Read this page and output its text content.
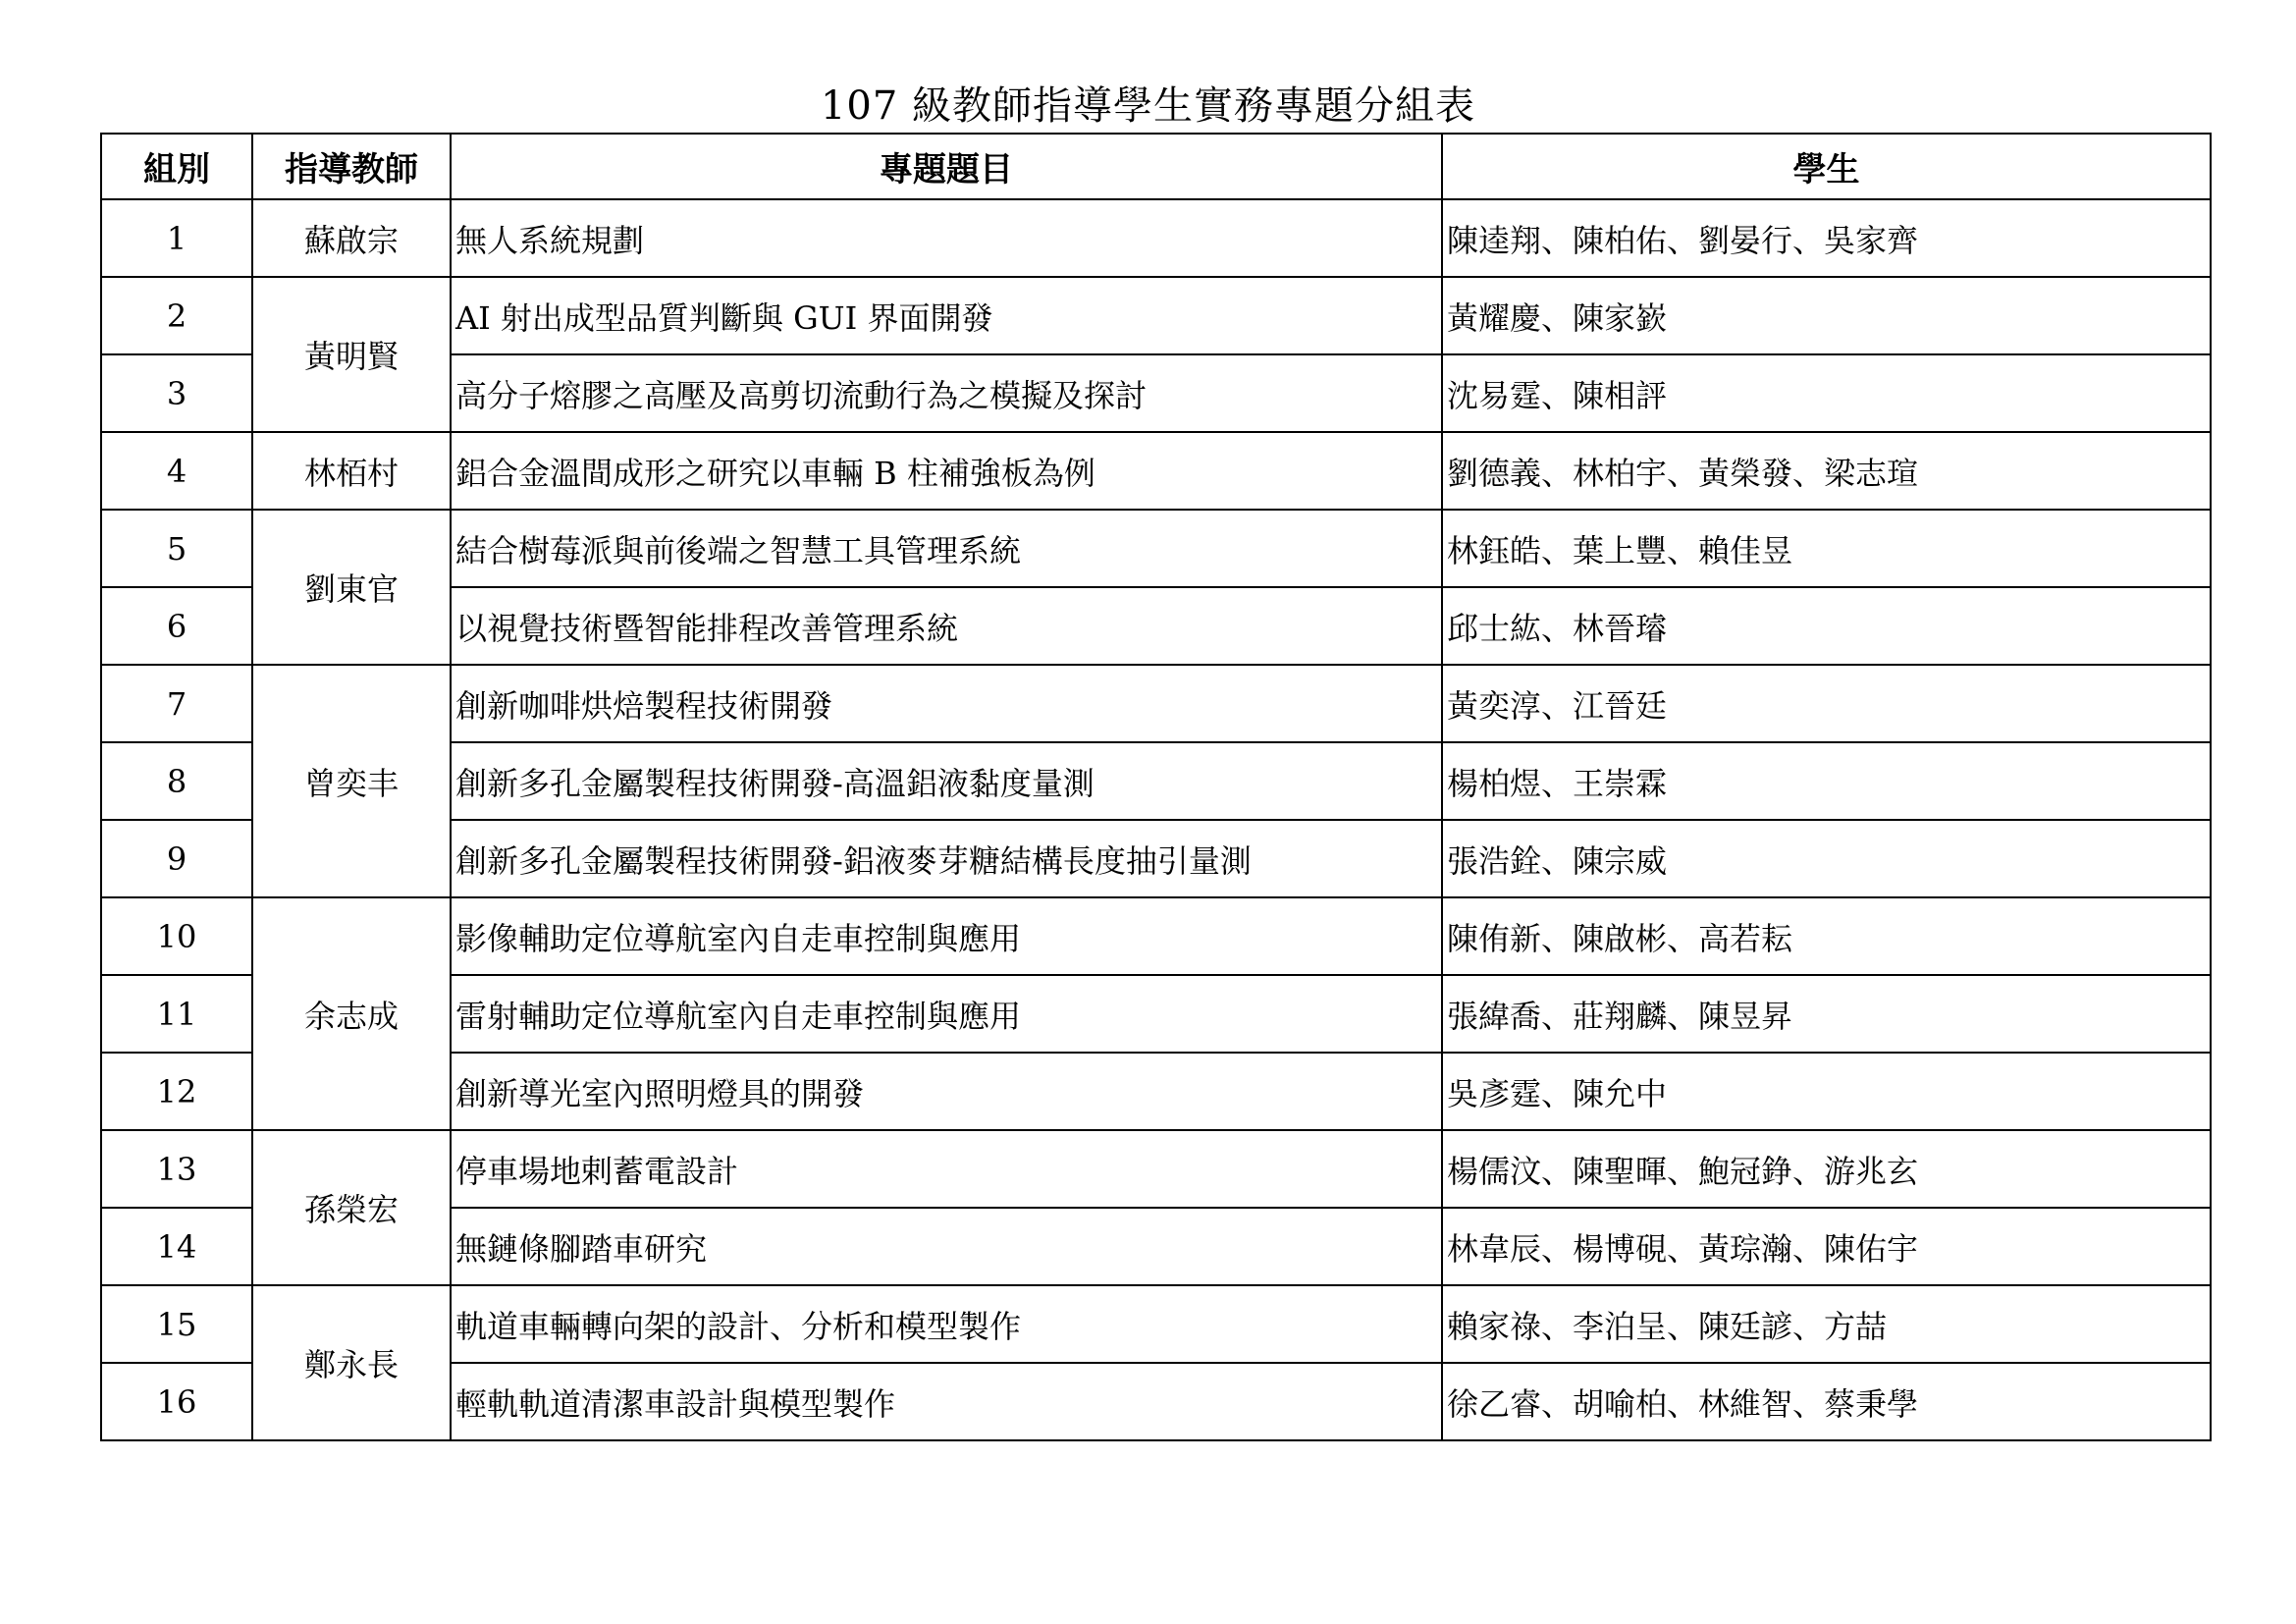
107 級教師指導學生實務專題分組表
組別	指導教師	專題題目	學生
1	蘇啟宗	無人系統規劃	陳逵翔、陳柏佑、劉晏行、吳家齊
2	黃明賢	AI 射出成型品質判斷與 GUI 界面開發	黃耀慶、陳家嶔
3		高分子熔膠之高壓及高剪切流動行為之模擬及探討	沈易霆、陳相評
4	林栢村	鋁合金溫間成形之研究以車輛 B 柱補強板為例	劉德義、林柏宇、黃榮發、梁志瑄
5	劉東官	結合樹莓派與前後端之智慧工具管理系統	林鈺皓、葉上豐、賴佳昱
6		以視覺技術暨智能排程改善管理系統	邱士紘、林晉璿
7	曾奕丰	創新咖啡烘焙製程技術開發	黃奕淳、江晉廷
8		創新多孔金屬製程技術開發-高溫鋁液黏度量測	楊柏煜、王崇霖
9		創新多孔金屬製程技術開發-鋁液麥芽糖結構長度抽引量測	張浩銓、陳宗威
10	余志成	影像輔助定位導航室內自走車控制與應用	陳侑新、陳啟彬、高若耘
11		雷射輔助定位導航室內自走車控制與應用	張緯喬、莊翔麟、陳昱昇
12		創新導光室內照明燈具的開發	吳彥霆、陳允中
13	孫榮宏	停車場地剌蓄電設計	楊儒汶、陳聖暉、鮑冠錚、游兆玄
14		無鏈條腳踏車研究	林韋辰、楊博硯、黃琮瀚、陳佑宇
15	鄭永長	軌道車輛轉向架的設計、分析和模型製作	賴家祿、李泊呈、陳廷諺、方喆
16		輕軌軌道清潔車設計與模型製作	徐乙睿、胡喻柏、林維智、蔡秉學
